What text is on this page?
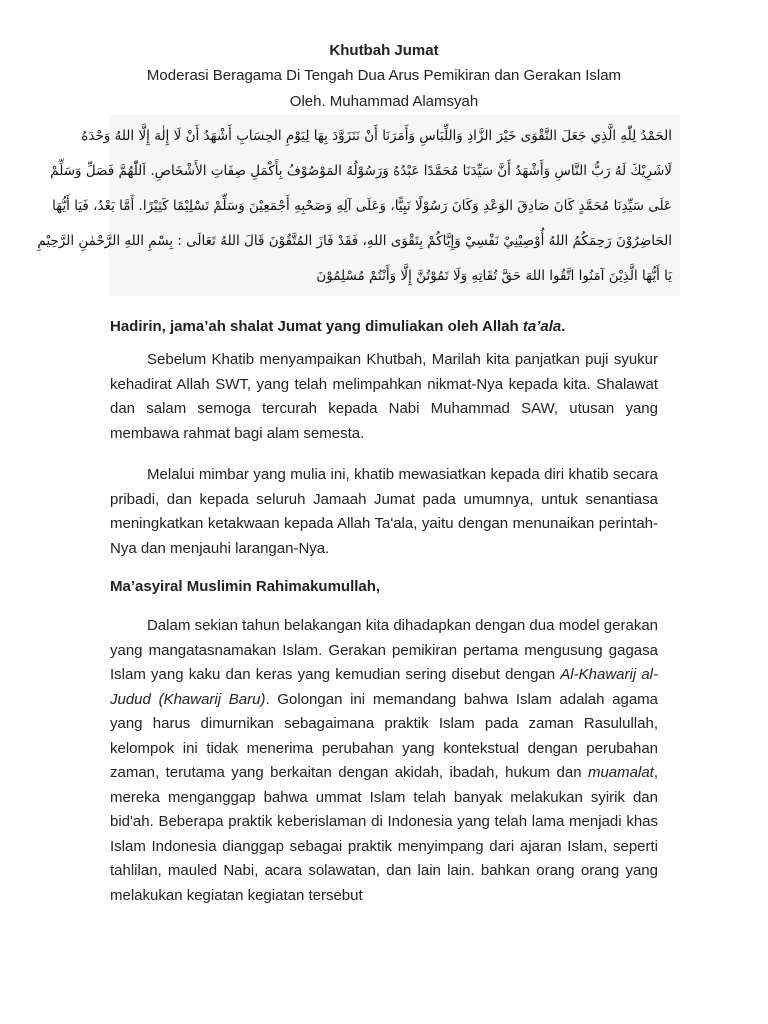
Khutbah Jumat
Moderasi Beragama Di Tengah Dua Arus Pemikiran dan Gerakan Islam
Oleh. Muhammad Alamsyah
الحَمْدُ لِلّٰهِ الَّذِي جَعَلَ التَّقْوَى خَيْرَ الزَّادِ وَاللِّبَاسِ وَأَمَرَنَا أَنْ نَتَزَوَّدَ بِهَا لِيَوْمِ الحِسَابِ أَشْهَدُ أَنْ لَا إِلٰهَ إِلَّا اللهُ وَحْدَهُ
لَاشَرِيْكَ لَهُ رَبُّ النَّاسِ وَأَشْهَدُ أَنَّ سَيِّدَنَا مُحَمَّدًا عَبْدُهُ وَرَسُوْلُهُ المَوْصُوْفُ بِأَكْمَلِ صِفَاتِ الأَشْخَاصِ. اَللّٰهُمَّ فَصَلِّ وَسَلِّمْ
عَلَى سَيِّدِنَا مُحَمَّدٍ كَانَ صَادِقَ الوَعْدِ وَكَانَ رَسُوْلًا نَبِيًّا، وَعَلَى آلِهِ وَصَحْبِهِ أَجْمَعِيْنَ وَسَلِّمْ تَسْلِيْمًا كَثِيْرًا. أَمَّا بَعْدُ، فَيَا أَيُّهَا
الحَاضِرُوْنَ رَحِمَكُمُ اللهُ أُوْصِيْنِيْ نَفْسِيْ وَإِيَّاكُمْ بِتَقْوَى اللهِ، فَقَدْ فَازَ المُتَّقُوْنَ قَالَ اللهُ تَعَالَى : بِسْمِ اللهِ الرَّحْمٰنِ الرَّحِيْمِ
يَا أَيُّهَا الَّذِيْنَ آمَنُوا اتَّقُوا اللهَ حَقَّ تُقَاتِهِ وَلَا تَمُوْتُنَّ إِلَّا وَأَنْتُمْ مُسْلِمُوْنَ
Hadirin, jama’ah shalat Jumat yang dimuliakan oleh Allah ta’ala.

Sebelum Khatib menyampaikan Khutbah, Marilah kita panjatkan puji syukur kehadirat Allah SWT, yang telah melimpahkan nikmat-Nya kepada kita. Shalawat dan salam semoga tercurah kepada Nabi Muhammad SAW, utusan yang membawa rahmat bagi alam semesta.

Melalui mimbar yang mulia ini, khatib mewasiatkan kepada diri khatib secara pribadi, dan kepada seluruh Jamaah Jumat pada umumnya, untuk senantiasa meningkatkan ketakwaan kepada Allah Ta'ala, yaitu dengan menunaikan perintah-Nya dan menjauhi larangan-Nya.

Ma’asyiral Muslimin Rahimakumullah,

Dalam sekian tahun belakangan kita dihadapkan dengan dua model gerakan yang mangatasnamakan Islam. Gerakan pemikiran pertama mengusung gagasa Islam yang kaku dan keras yang kemudian sering disebut dengan Al-Khawarij al-Judud (Khawarij Baru). Golongan ini memandang bahwa Islam adalah agama yang harus dimurnikan sebagaimana praktik Islam pada zaman Rasulullah, kelompok ini tidak menerima perubahan yang kontekstual dengan perubahan zaman, terutama yang berkaitan dengan akidah, ibadah, hukum dan muamalat, mereka menganggap bahwa ummat Islam telah banyak melakukan syirik dan bid'ah. Beberapa praktik keberislaman di Indonesia yang telah lama menjadi khas Islam Indonesia dianggap sebagai praktik menyimpang dari ajaran Islam, seperti tahlilan, mauled Nabi, acara solawatan, dan lain lain. bahkan orang orang yang melakukan kegiatan kegiatan tersebut
